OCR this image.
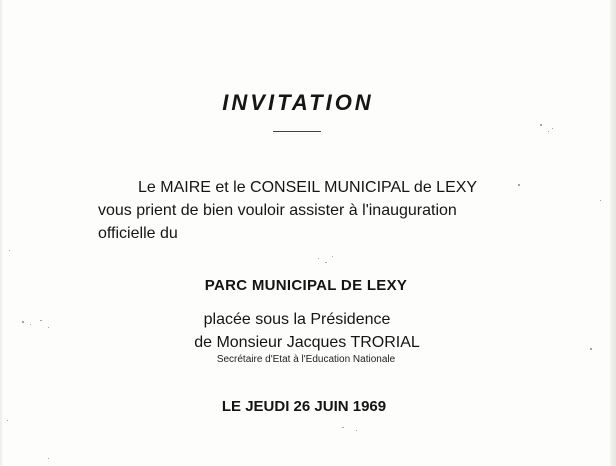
INVITATION
Le MAIRE et le CONSEIL MUNICIPAL de LEXY
vous prient de bien vouloir assister à l'inauguration
officielle du
PARC MUNICIPAL DE LEXY
placée sous la Présidence
de Monsieur Jacques TRORIAL
Secrétaire d'Etat à l'Education Nationale
LE JEUDI 26 JUIN 1969
